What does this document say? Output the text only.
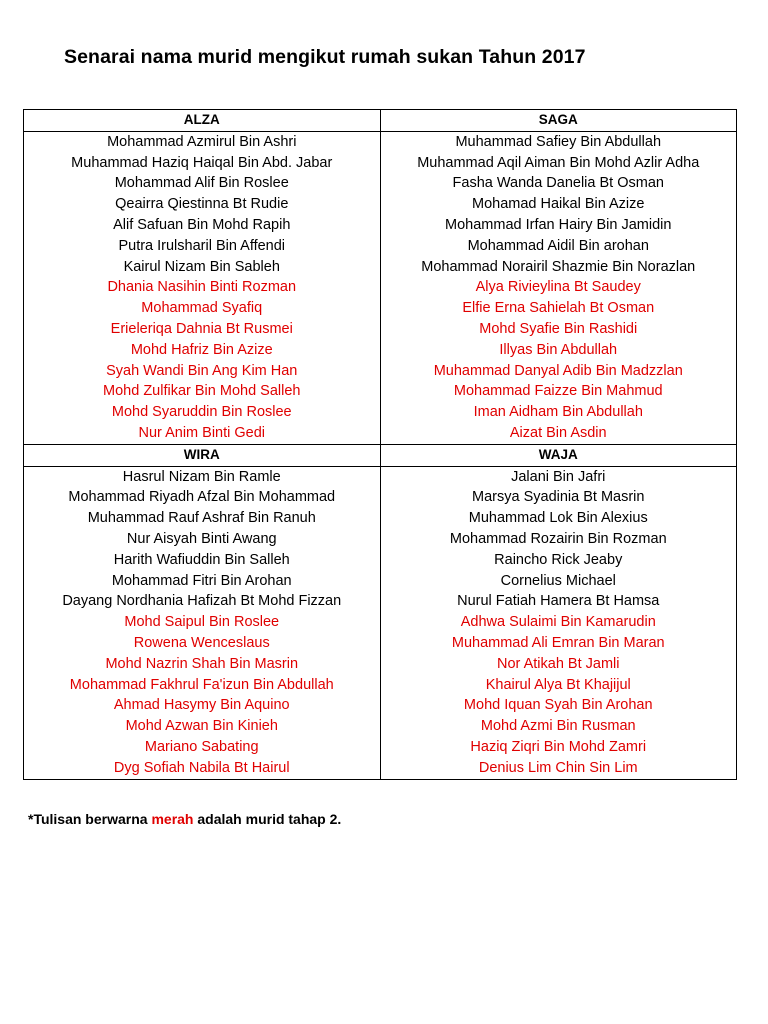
Senarai nama murid mengikut rumah sukan Tahun 2017
ALZA	SAGA
Mohammad Azmirul Bin Ashri	Muhammad Safiey Bin Abdullah
Muhammad Haziq Haiqal Bin Abd. Jabar	Muhammad Aqil Aiman Bin Mohd Azlir Adha
Mohammad Alif Bin Roslee	Fasha Wanda Danelia Bt Osman
Qeairra Qiestinna Bt Rudie	Mohamad Haikal Bin Azize
Alif Safuan Bin Mohd Rapih	Mohammad Irfan Hairy Bin Jamidin
Putra Irulsharil Bin Affendi	Mohammad Aidil Bin arohan
Kairul Nizam Bin Sableh	Mohammad Norairil Shazmie Bin Norazlan
Dhania Nasihin Binti Rozman	Alya Rivieylina Bt Saudey
Mohammad Syafiq	Elfie Erna Sahielah Bt Osman
Erieleriqa Dahnia Bt Rusmei	Mohd Syafie Bin Rashidi
Mohd Hafriz Bin Azize	Illyas Bin Abdullah
Syah Wandi Bin Ang Kim Han	Muhammad Danyal Adib Bin Madzzlan
Mohd Zulfikar Bin Mohd Salleh	Mohammad Faizze Bin Mahmud
Mohd Syaruddin Bin Roslee	Iman Aidham Bin Abdullah
Nur Anim Binti Gedi	Aizat Bin Asdin
WIRA	WAJA
Hasrul Nizam Bin Ramle	Jalani Bin Jafri
Mohammad Riyadh Afzal Bin Mohammad	Marsya Syadinia Bt Masrin
Muhammad Rauf Ashraf Bin Ranuh	Muhammad Lok Bin Alexius
Nur Aisyah Binti Awang	Mohammad Rozairin Bin Rozman
Harith Wafiuddin Bin Salleh	Raincho Rick Jeaby
Mohammad Fitri Bin Arohan	Cornelius Michael
Dayang Nordhania Hafizah Bt Mohd Fizzan	Nurul Fatiah Hamera Bt Hamsa
Mohd Saipul Bin Roslee	Adhwa Sulaimi Bin Kamarudin
Rowena Wenceslaus	Muhammad Ali Emran Bin Maran
Mohd Nazrin Shah Bin Masrin	Nor Atikah Bt Jamli
Mohammad Fakhrul Fa'izun Bin Abdullah	Khairul Alya Bt Khajijul
Ahmad Hasymy Bin Aquino	Mohd Iquan Syah Bin Arohan
Mohd Azwan Bin Kinieh	Mohd Azmi Bin Rusman
Mariano Sabating	Haziq Ziqri Bin Mohd Zamri
Dyg Sofiah Nabila Bt Hairul	Denius Lim Chin Sin Lim
*Tulisan berwarna merah adalah murid tahap 2.
